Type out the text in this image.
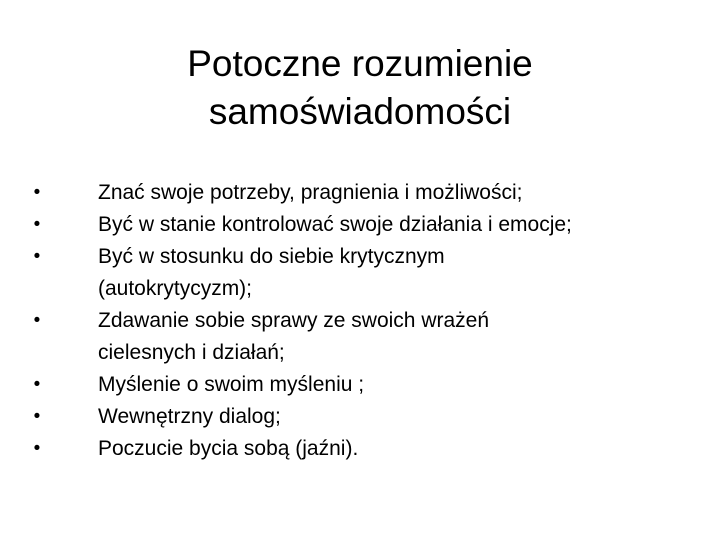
Potoczne rozumienie
samoświadomości
•	Znać swoje potrzeby, pragnienia i możliwości;
•	Być w stanie kontrolować swoje działania i emocje;
•	Być w stosunku do siebie krytycznym
(autokrytycyzm);
•	Zdawanie sobie sprawy ze swoich wrażeń
cielesnych i działań;
•	Myślenie o swoim myśleniu ;
•	Wewnętrzny dialog;
•	Poczucie bycia sobą (jaźni).
